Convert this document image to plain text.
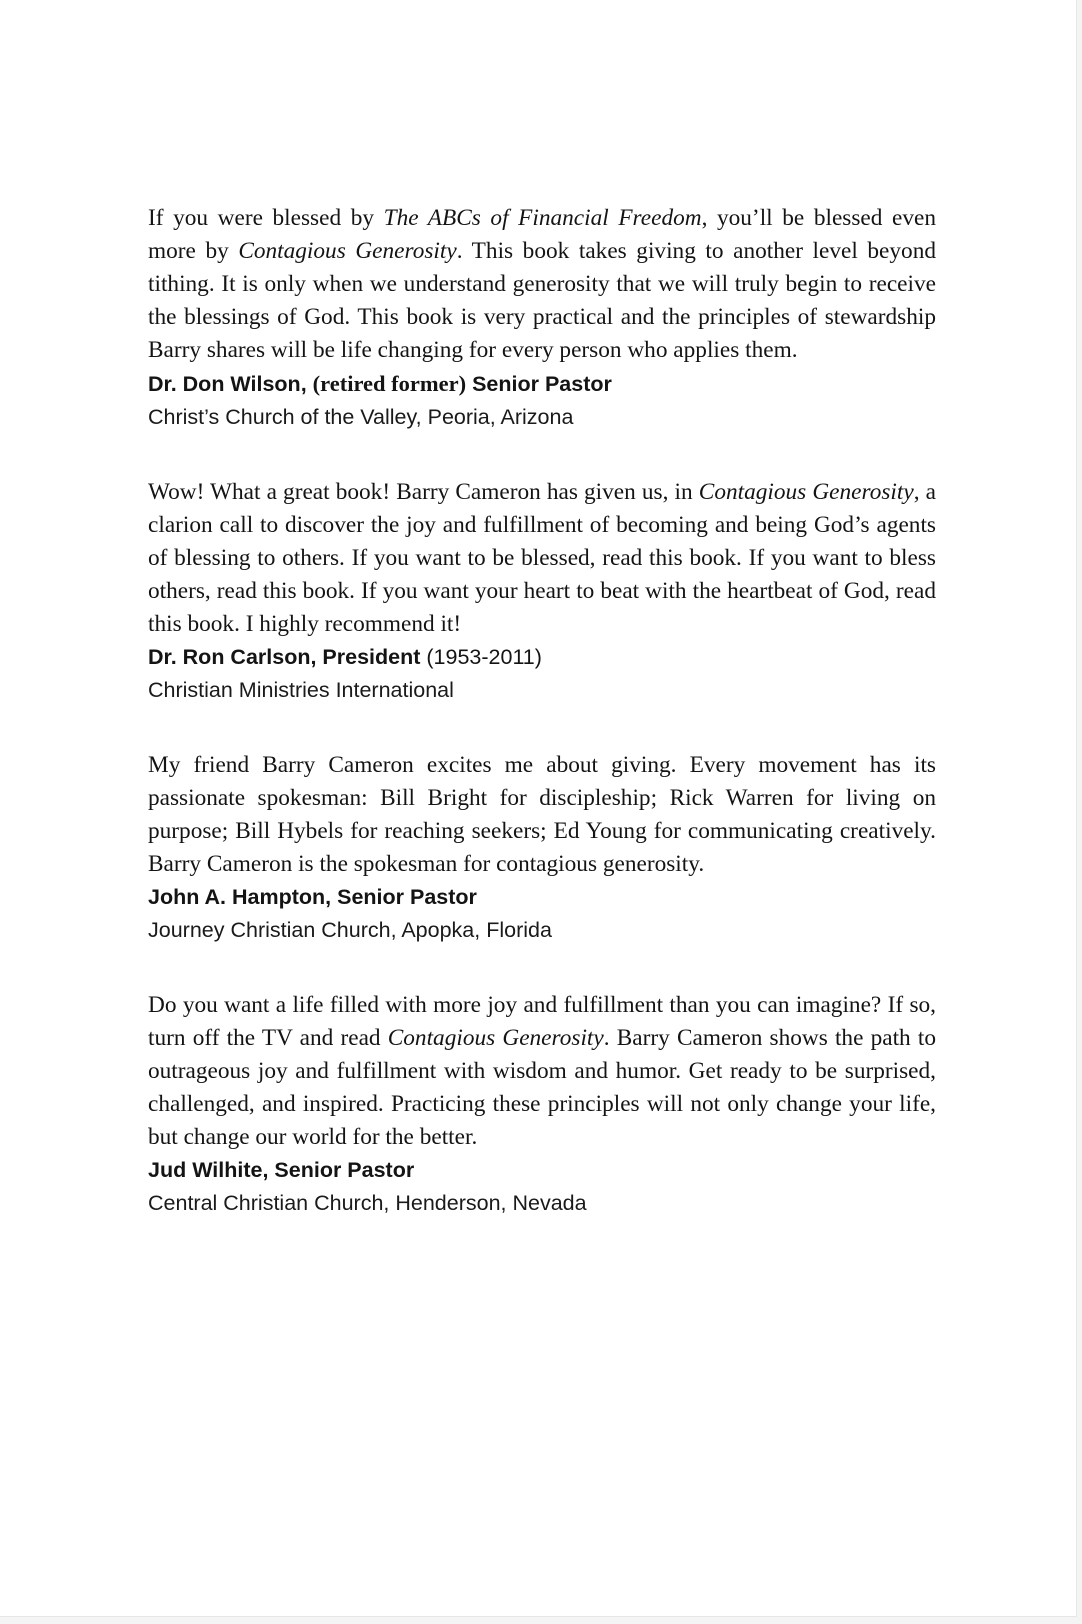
If you were blessed by The ABCs of Financial Freedom, you’ll be blessed even more by Contagious Generosity. This book takes giving to another level beyond tithing. It is only when we understand generosity that we will truly begin to receive the blessings of God. This book is very practical and the principles of stewardship Barry shares will be life changing for every person who applies them.

Dr. Don Wilson, (retired former) Senior Pastor

Christ’s Church of the Valley, Peoria, Arizona

Wow! What a great book! Barry Cameron has given us, in Contagious Generosity, a clarion call to discover the joy and fulfillment of becoming and being God’s agents of blessing to others. If you want to be blessed, read this book. If you want to bless others, read this book. If you want your heart to beat with the heartbeat of God, read this book. I highly recommend it!

Dr. Ron Carlson, President (1953-2011)

Christian Ministries International

My friend Barry Cameron excites me about giving. Every movement has its passionate spokesman: Bill Bright for discipleship; Rick Warren for living on purpose; Bill Hybels for reaching seekers; Ed Young for communicating creatively. Barry Cameron is the spokesman for contagious generosity.

John A. Hampton, Senior Pastor

Journey Christian Church, Apopka, Florida

Do you want a life filled with more joy and fulfillment than you can imagine? If so, turn off the TV and read Contagious Generosity. Barry Cameron shows the path to outrageous joy and fulfillment with wisdom and humor. Get ready to be surprised, challenged, and inspired. Practicing these principles will not only change your life, but change our world for the better.

Jud Wilhite, Senior Pastor

Central Christian Church, Henderson, Nevada
